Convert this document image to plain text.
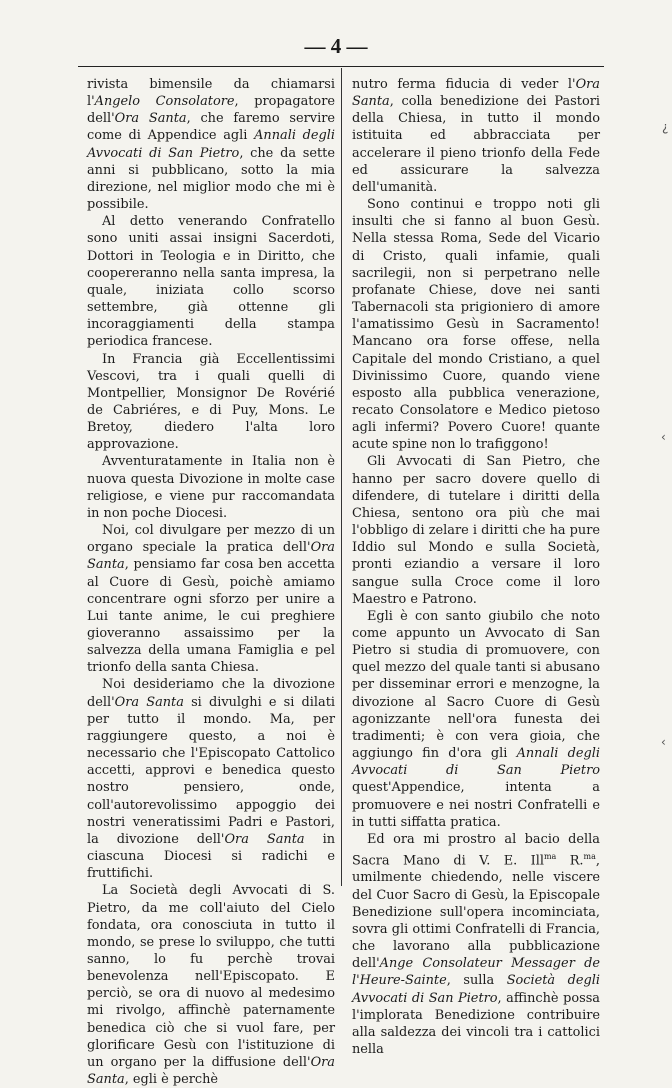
— 4 —

rivista bimensile da chiamarsi l'Angelo Consolatore, propagatore dell'Ora Santa, che faremo servire come di Appendice agli Annali degli Avvocati di San Pietro, che da sette anni si pubblicano, sotto la mia direzione, nel miglior modo che mi è possibile.

Al detto venerando Confratello sono uniti assai insigni Sacerdoti, Dottori in Teologia e in Diritto, che coopereranno nella santa impresa, la quale, iniziata collo scorso settembre, già ottenne gli incoraggiamenti della stampa periodica francese.

In Francia già Eccellentissimi Vescovi, tra i quali quelli di Montpellier, Monsignor De Rovérié de Cabriéres, e di Puy, Mons. Le Bretoy, diedero l'alta loro approvazione.

Avventuratamente in Italia non è nuova questa Divozione in molte case religiose, e viene pur raccomandata in non poche Diocesi.

Noi, col divulgare per mezzo di un organo speciale la pratica dell'Ora Santa, pensiamo far cosa ben accetta al Cuore di Gesù, poichè amiamo concentrare ogni sforzo per unire a Lui tante anime, le cui preghiere gioveranno assaissimo per la salvezza della umana Famiglia e pel trionfo della santa Chiesa.

Noi desideriamo che la divozione dell'Ora Santa si divulghi e si dilati per tutto il mondo. Ma, per raggiungere questo, a noi è necessario che l'Episcopato Cattolico accetti, approvi e benedica questo nostro pensiero, onde, coll'autorevolissimo appoggio dei nostri veneratissimi Padri e Pastori, la divozione dell'Ora Santa in ciascuna Diocesi si radichi e fruttifichi.

La Società degli Avvocati di S. Pietro, da me coll'aiuto del Cielo fondata, ora conosciuta in tutto il mondo, se prese lo sviluppo, che tutti sanno, lo fu perchè trovai benevolenza nell'Episcopato. E perciò, se ora di nuovo al medesimo mi rivolgo, affinchè paternamente benedica ciò che si vuol fare, per glorificare Gesù con l'istituzione di un organo per la diffusione dell'Ora Santa, egli è perchè

nutro ferma fiducia di veder l'Ora Santa, colla benedizione dei Pastori della Chiesa, in tutto il mondo istituita ed abbracciata per accelerare il pieno trionfo della Fede ed assicurare la salvezza dell'umanità.

Sono continui e troppo noti gli insulti che si fanno al buon Gesù. Nella stessa Roma, Sede del Vicario di Cristo, quali infamie, quali sacrilegii, non si perpetrano nelle profanate Chiese, dove nei santi Tabernacoli sta prigioniero di amore l'amatissimo Gesù in Sacramento! Mancano ora forse offese, nella Capitale del mondo Cristiano, a quel Divinissimo Cuore, quando viene esposto alla pubblica venerazione, recato Consolatore e Medico pietoso agli infermi? Povero Cuore! quante acute spine non lo trafiggono!

Gli Avvocati di San Pietro, che hanno per sacro dovere quello di difendere, di tutelare i diritti della Chiesa, sentono ora più che mai l'obbligo di zelare i diritti che ha pure Iddio sul Mondo e sulla Società, pronti eziandio a versare il loro sangue sulla Croce come il loro Maestro e Patrono.

Egli è con santo giubilo che noto come appunto un Avvocato di San Pietro si studia di promuovere, con quel mezzo del quale tanti si abusano per disseminar errori e menzogne, la divozione al Sacro Cuore di Gesù agonizzante nell'ora funesta dei tradimenti; è con vera gioia, che aggiungo fin d'ora gli Annali degli Avvocati di San Pietro quest'Appendice, intenta a promuovere e nei nostri Confratelli e in tutti siffatta pratica.

Ed ora mi prostro al bacio della Sacra Mano di V. E. Ill$^{ma}$ R.$^{ma}$, umilmente chiedendo, nelle viscere del Cuor Sacro di Gesù, la Episcopale Benedizione sull'opera incominciata, sovra gli ottimi Confratelli di Francia, che lavorano alla pubblicazione dell'Ange Consolateur Messager de l'Heure-Sainte, sulla Società degli Avvocati di San Pietro, affinchè possa l'implorata Benedizione contribuire alla saldezza dei vincoli tra i cattolici nella

¿
‹
‹
